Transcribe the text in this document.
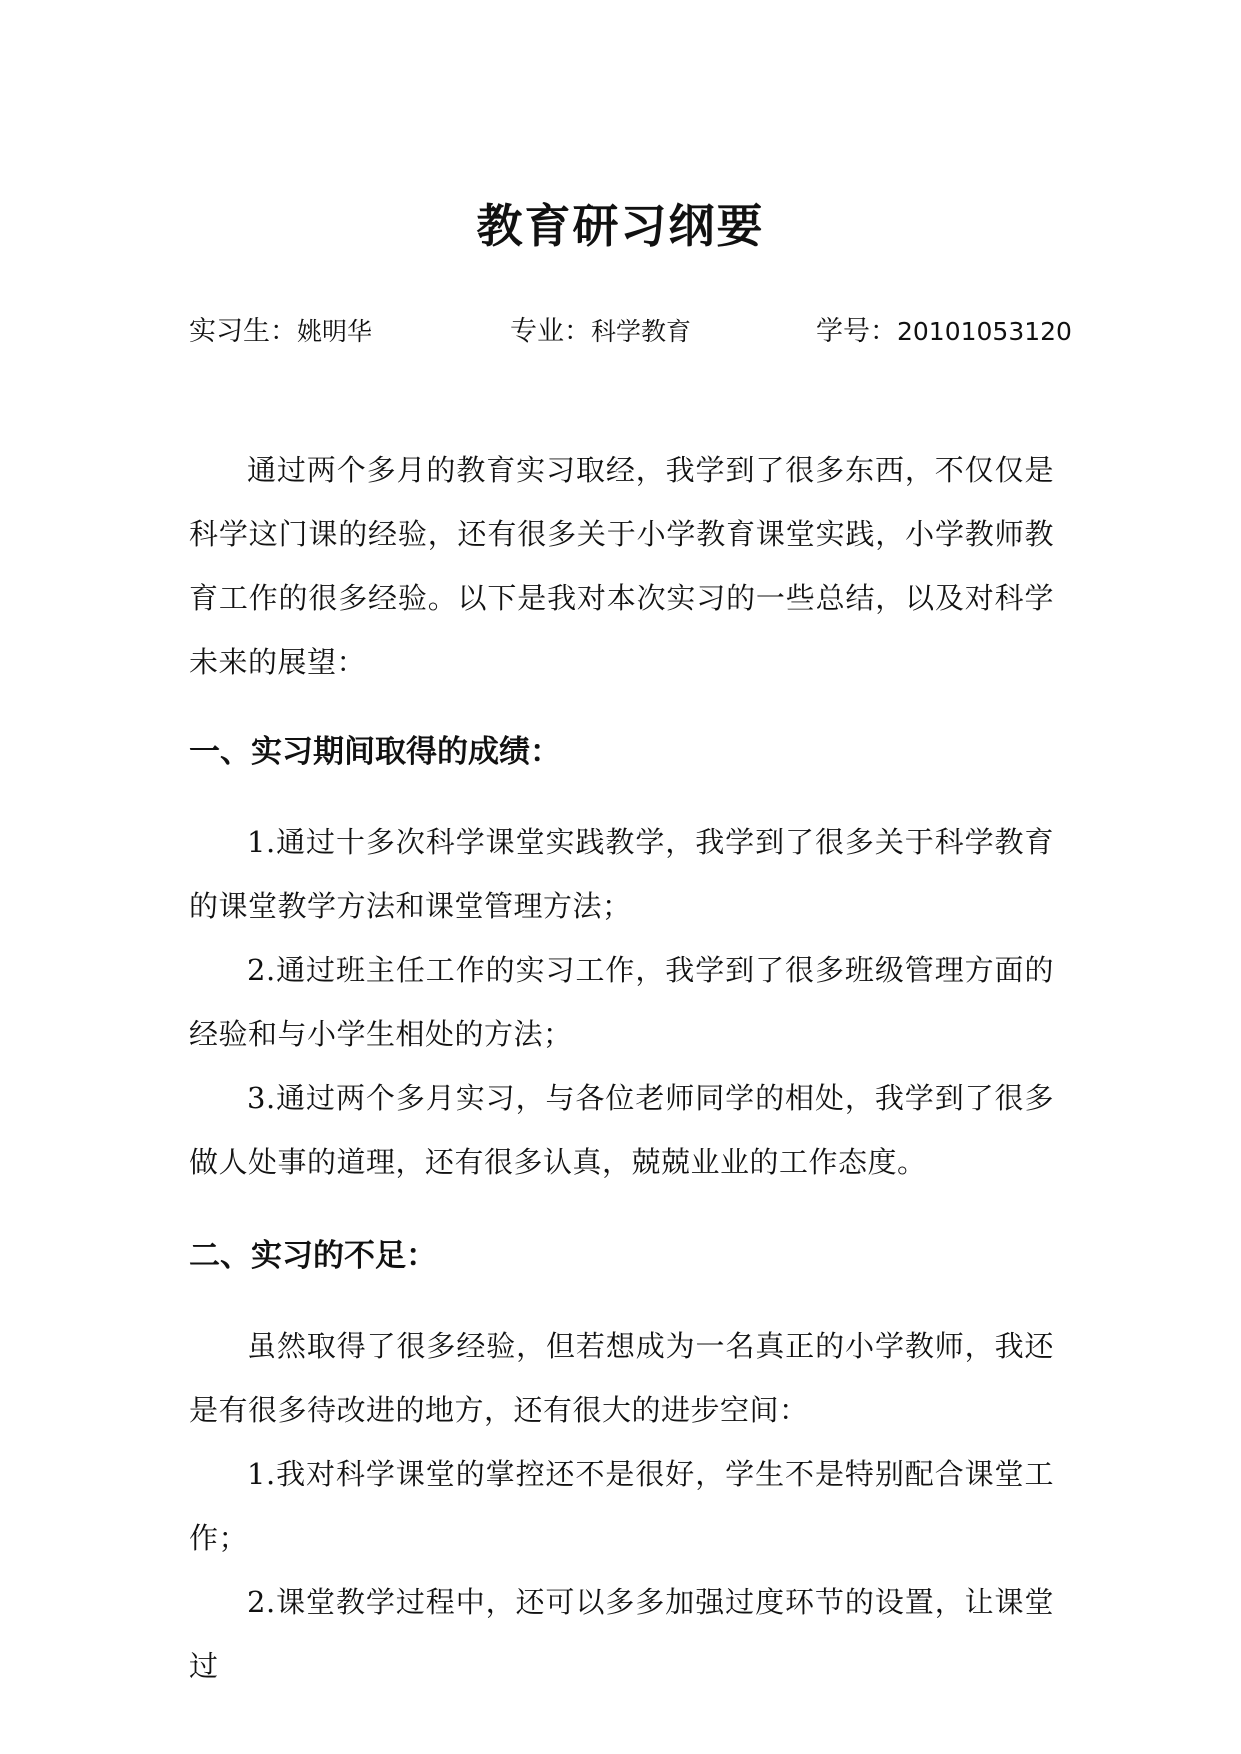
教育研习纲要
实习生：姚明华	专业：科学教育	学号：20101053120

通过两个多月的教育实习取经，我学到了很多东西，不仅仅是科学这门课的经验，还有很多关于小学教育课堂实践，小学教师教育工作的很多经验。以下是我对本次实习的一些总结，以及对科学未来的展望：

一、实习期间取得的成绩：

1.通过十多次科学课堂实践教学，我学到了很多关于科学教育的课堂教学方法和课堂管理方法；

2.通过班主任工作的实习工作，我学到了很多班级管理方面的经验和与小学生相处的方法；

3.通过两个多月实习，与各位老师同学的相处，我学到了很多做人处事的道理，还有很多认真，兢兢业业的工作态度。

二、实习的不足：

虽然取得了很多经验，但若想成为一名真正的小学教师，我还是有很多待改进的地方，还有很大的进步空间：

1.我对科学课堂的掌控还不是很好，学生不是特别配合课堂工作；

2.课堂教学过程中，还可以多多加强过度环节的设置，让课堂过
